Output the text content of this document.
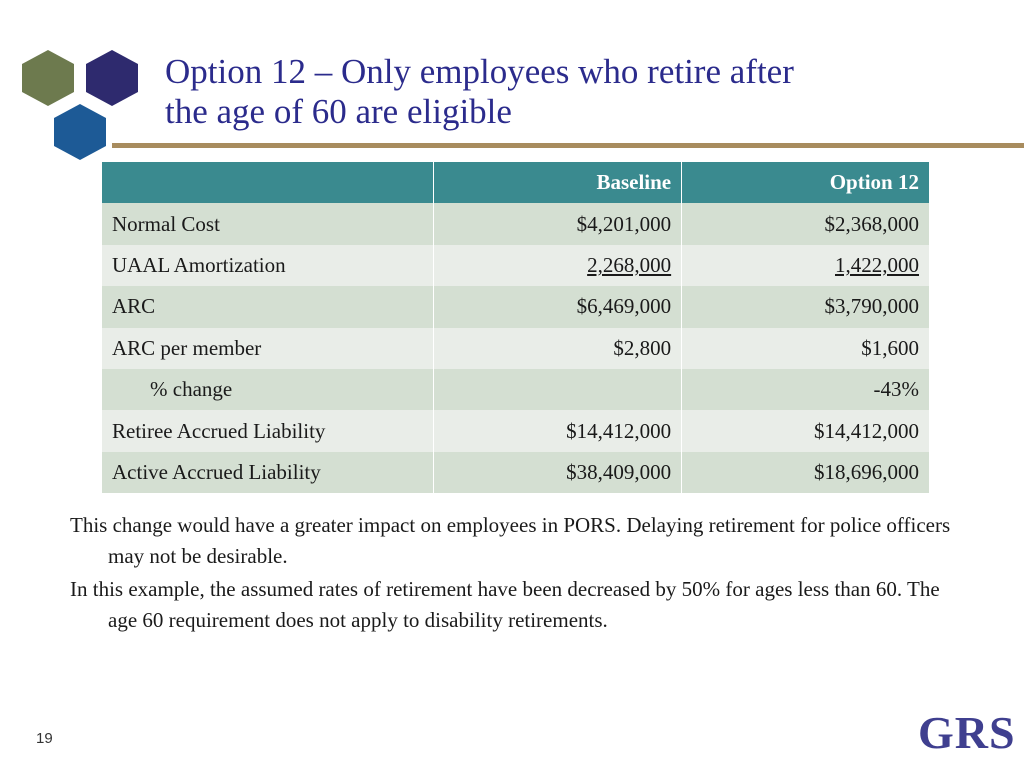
Option 12 – Only employees who retire after
the age of 60 are eligible
	Baseline	Option 12
Normal Cost	$4,201,000	$2,368,000
UAAL Amortization	2,268,000	1,422,000
ARC	$6,469,000	$3,790,000
ARC per member	$2,800	$1,600
% change		-43%
Retiree Accrued Liability	$14,412,000	$14,412,000
Active Accrued Liability	$38,409,000	$18,696,000

This change would have a greater impact on employees in PORS. Delaying retirement for police officers may not be desirable.

In this example, the assumed rates of retirement have been decreased by 50% for ages less than 60. The age 60 requirement does not apply to disability retirements.

19	GRS
